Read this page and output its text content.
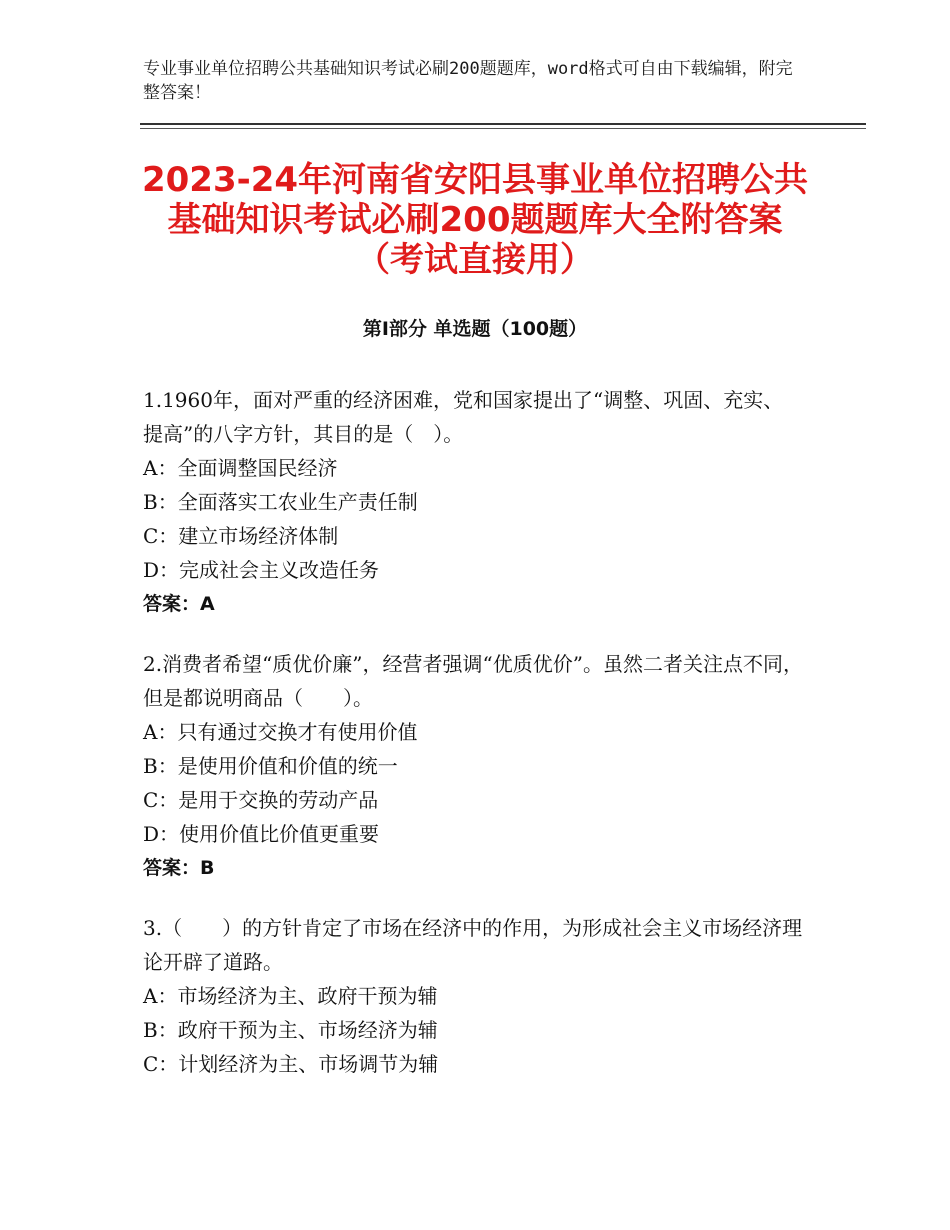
专业事业单位招聘公共基础知识考试必刷200题题库，word格式可自由下载编辑，附完整答案！
2023-24年河南省安阳县事业单位招聘公共
基础知识考试必刷200题题库大全附答案
（考试直接用）
第Ⅰ部分 单选题（100题）

1.1960年，面对严重的经济困难，党和国家提出了“调整、巩固、充实、提高”的八字方针，其目的是（　）。

A：全面调整国民经济

B：全面落实工农业生产责任制

C：建立市场经济体制

D：完成社会主义改造任务

答案：A

2.消费者希望“质优价廉”，经营者强调“优质优价”。虽然二者关注点不同，但是都说明商品（　　）。

A：只有通过交换才有使用价值

B：是使用价值和价值的统一

C：是用于交换的劳动产品

D：使用价值比价值更重要

答案：B

3.（　　）的方针肯定了市场在经济中的作用，为形成社会主义市场经济理论开辟了道路。

A：市场经济为主、政府干预为辅

B：政府干预为主、市场经济为辅

C：计划经济为主、市场调节为辅
